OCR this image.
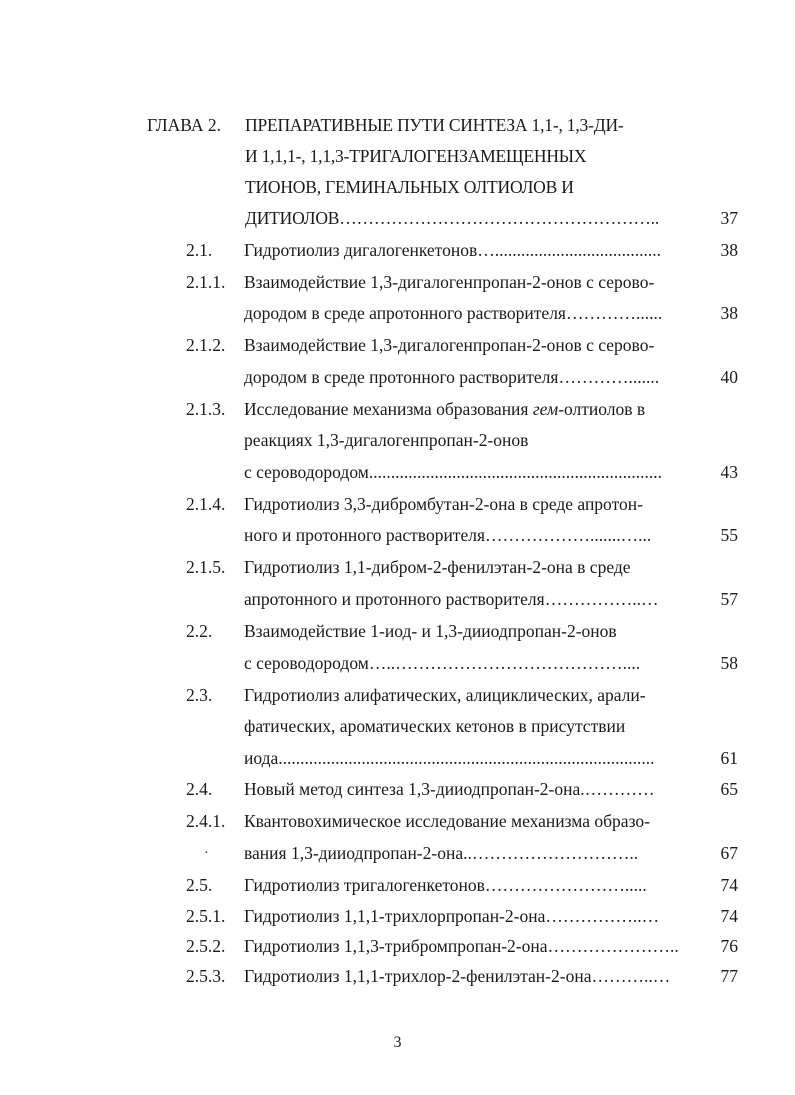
ГЛАВА 2. ПРЕПАРАТИВНЫЕ ПУТИ СИНТЕЗА 1,1-, 1,3-ДИ-
И 1,1,1-, 1,1,3-ТРИГАЛОГЕНЗАМЕЩЕННЫХ
ТИОНОВ, ГЕМИНАЛЬНЫХ ОЛТИОЛОВ И
ДИТИОЛОВ………………………………………………..	37
2.1. Гидротиолиз дигалогенкетонов…......................................	38
2.1.1. Взаимодействие 1,3-дигалогенпропан-2-онов с серово-
дородом в среде апротонного растворителя…………......	38
2.1.2. Взаимодействие 1,3-дигалогенпропан-2-онов с серово-
дородом в среде протонного растворителя………….......‌	40
2.1.3. Исследование механизма образования гем-олтиолов в
реакциях 1,3-дигалогенпропан-2-онов
с сероводородом...................................................................	43
2.1.4. Гидротиолиз 3,3-дибромбутан-2-она в среде апротон-
ного и протонного растворителя……………….......…...	55
2.1.5. Гидротиолиз 1,1-дибром-2-фенилэтан-2-она в среде
апротонного и протонного растворителя……………..…	57
2.2. Взаимодействие 1-иод- и 1,3-дииодпропан-2-онов
с сероводородом…..…………………………………....	58
2.3. Гидротиолиз алифатических, алициклических, арали-
фатических, ароматических кетонов в присутствии
иода......................................................................................	61
2.4. Новый метод синтеза 1,3-дииодпропан-2-она.…………	65
2.4.1. Квантовохимическое исследование механизма образо-
· вания 1,3-дииодпропан-2-она..………………………..	67
2.5. Гидротиолиз тригалогенкетонов…………………….....	74
2.5.1. Гидротиолиз 1,1,1-трихлорпропан-2-она……………..…	74
2.5.2. Гидротиолиз 1,1,3-трибромпропан-2-она…………………..	76
2.5.3. Гидротиолиз 1,1,1-трихлор-2-фенилэтан-2-она………..…	77
3
